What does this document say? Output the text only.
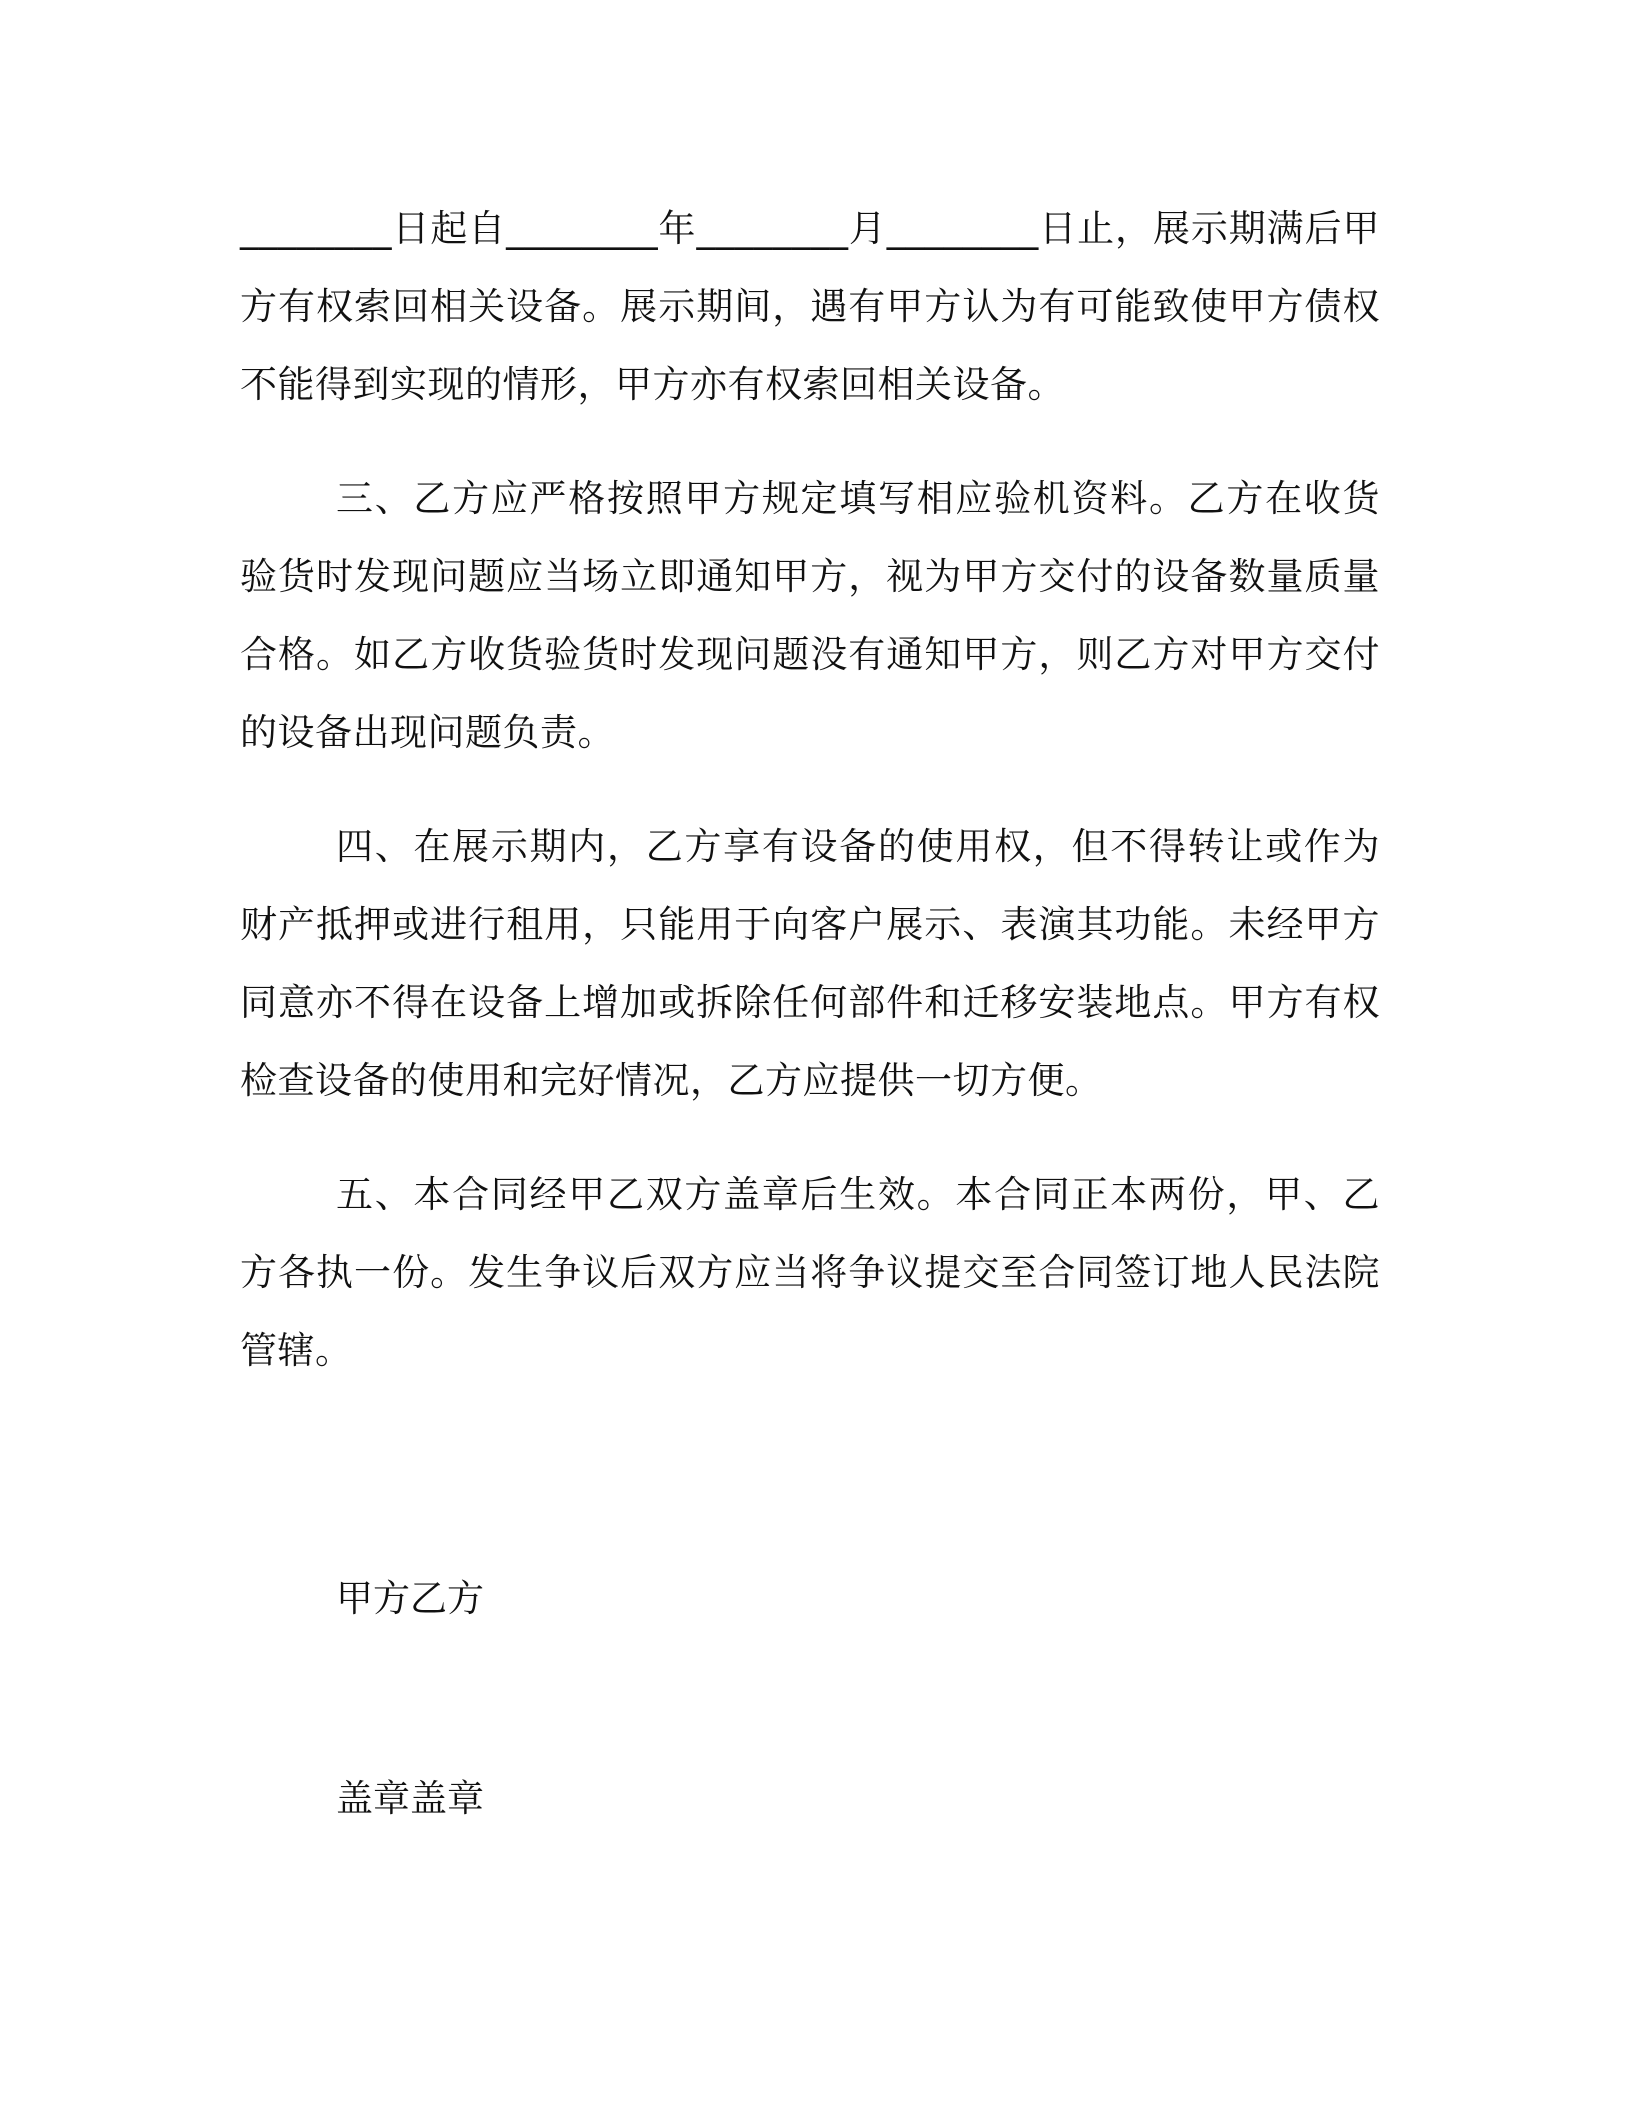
________日起自________年________月________日止，展示期满后甲方有权索回相关设备。展示期间，遇有甲方认为有可能致使甲方债权不能得到实现的情形，甲方亦有权索回相关设备。

三、乙方应严格按照甲方规定填写相应验机资料。乙方在收货验货时发现问题应当场立即通知甲方，视为甲方交付的设备数量质量合格。如乙方收货验货时发现问题没有通知甲方，则乙方对甲方交付的设备出现问题负责。

四、在展示期内，乙方享有设备的使用权，但不得转让或作为财产抵押或进行租用，只能用于向客户展示、表演其功能。未经甲方同意亦不得在设备上增加或拆除任何部件和迁移安装地点。甲方有权检查设备的使用和完好情况，乙方应提供一切方便。

五、本合同经甲乙双方盖章后生效。本合同正本两份，甲、乙方各执一份。发生争议后双方应当将争议提交至合同签订地人民法院管辖。

甲方乙方
盖章盖章
